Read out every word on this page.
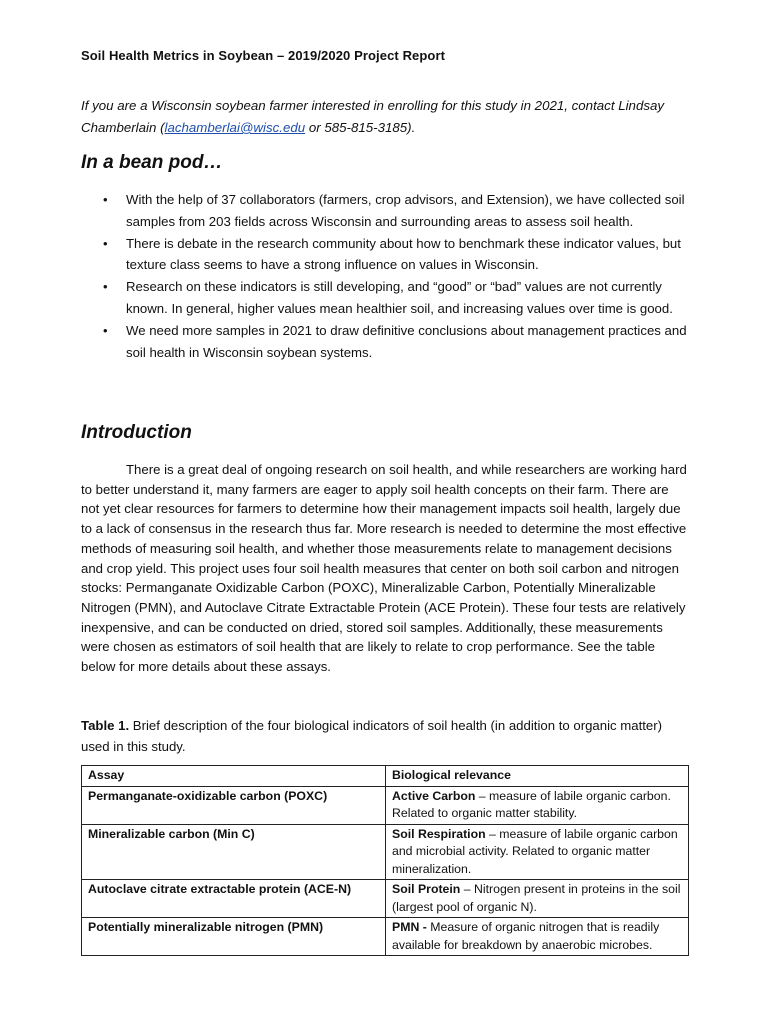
Soil Health Metrics in Soybean – 2019/2020 Project Report

If you are a Wisconsin soybean farmer interested in enrolling for this study in 2021, contact Lindsay Chamberlain (lachamberlai@wisc.edu or 585-815-3185).

In a bean pod…
• With the help of 37 collaborators (farmers, crop advisors, and Extension), we have collected soil samples from 203 fields across Wisconsin and surrounding areas to assess soil health.
• There is debate in the research community about how to benchmark these indicator values, but texture class seems to have a strong influence on values in Wisconsin.
• Research on these indicators is still developing, and “good” or “bad” values are not currently known. In general, higher values mean healthier soil, and increasing values over time is good.
• We need more samples in 2021 to draw definitive conclusions about management practices and soil health in Wisconsin soybean systems.
Introduction

There is a great deal of ongoing research on soil health, and while researchers are working hard to better understand it, many farmers are eager to apply soil health concepts on their farm. There are not yet clear resources for farmers to determine how their management impacts soil health, largely due to a lack of consensus in the research thus far. More research is needed to determine the most effective methods of measuring soil health, and whether those measurements relate to management decisions and crop yield. This project uses four soil health measures that center on both soil carbon and nitrogen stocks: Permanganate Oxidizable Carbon (POXC), Mineralizable Carbon, Potentially Mineralizable Nitrogen (PMN), and Autoclave Citrate Extractable Protein (ACE Protein). These four tests are relatively inexpensive, and can be conducted on dried, stored soil samples. Additionally, these measurements were chosen as estimators of soil health that are likely to relate to crop performance. See the table below for more details about these assays.

Table 1. Brief description of the four biological indicators of soil health (in addition to organic matter) used in this study.

Assay	Biological relevance
Permanganate-oxidizable carbon (POXC)	Active Carbon – measure of labile organic carbon. Related to organic matter stability.
Mineralizable carbon (Min C)	Soil Respiration – measure of labile organic carbon and microbial activity. Related to organic matter mineralization.
Autoclave citrate extractable protein (ACE-N)	Soil Protein – Nitrogen present in proteins in the soil (largest pool of organic N).
Potentially mineralizable nitrogen (PMN)	PMN - Measure of organic nitrogen that is readily available for breakdown by anaerobic microbes.
